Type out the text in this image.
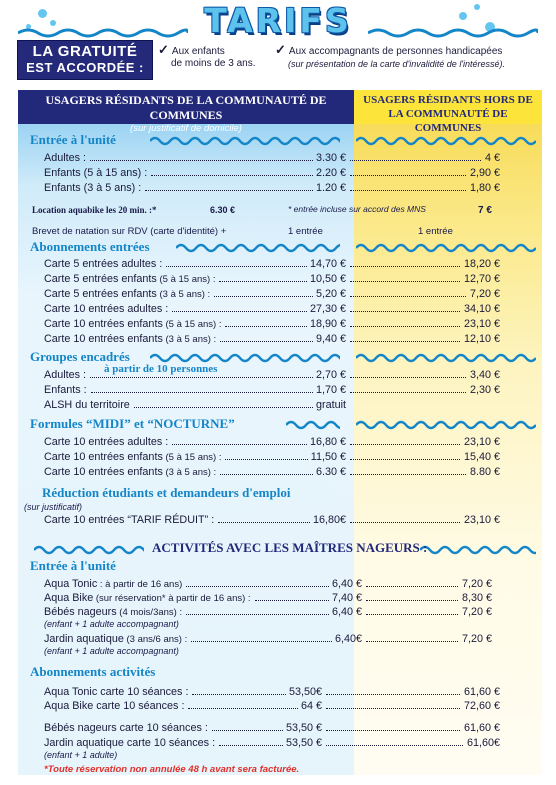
TARIFS
LA GRATUITÉ
EST ACCORDÉE :
✓ Aux enfants
de moins de 3 ans.
✓ Aux accompagnants de personnes handicapées
(sur présentation de la carte d'invalidité de l'intéressé).
USAGERS RÉSIDANTS DE LA COMMUNAUTÉ DE COMMUNES
(sur justificatif de domicile)
USAGERS RÉSIDANTS HORS DE
LA COMMUNAUTÉ DE COMMUNES
Entrée à l'unité
Adultes :	3.30 €	4 €
Enfants (5 à 15 ans) :	2.20 €	2,90 €
Enfants (3 à 5 ans) :	1.20 €	1,80 €
Location aquabike les 20 min. :*	6.30 €	* entrée incluse sur accord des MNS	7 €
Brevet de natation sur RDV (carte d'identité) +	1 entrée	1 entrée
Abonnements entrées
Carte 5 entrées adultes :	14,70 €	18,20 €
Carte 5 entrées enfants (5 à 15 ans) :	10,50 €	12,70 €
Carte 5 entrées enfants (3 à 5 ans) :	5,20 €	7,20 €
Carte 10 entrées adultes :	27,30 €	34,10 €
Carte 10 entrées enfants (5 à 15 ans) :	18,90 €	23,10 €
Carte 10 entrées enfants (3 à 5 ans) :	9,40 €	12,10 €
Groupes encadrés
à partir de 10 personnes
Adultes :	2,70 €	3,40 €
Enfants :	1,70 €	2,30 €
ALSH du territoire	gratuit
Formules “MIDI” et “NOCTURNE”
Carte 10 entrées adultes :	16,80 €	23,10 €
Carte 10 entrées enfants (5 à 15 ans) :	11,50 €	15,40 €
Carte 10 entrées enfants (3 à 5 ans) :	6.30 €	8.80 €
Réduction étudiants et demandeurs d'emploi
(sur justificatif)
Carte 10 entrées “TARIF RÉDUIT” :	16,80€	23,10 €
ACTIVITÉS AVEC LES MAÎTRES NAGEURS :
Entrée à l'unité
Aqua Tonic : à partir de 16 ans)	6,40 €	7,20 €
Aqua Bike (sur réservation* à partir de 16 ans) :	7,40 €	8,30 €
Bébés nageurs (4 mois/3ans) :	6,40 €	7,20 €
(enfant + 1 adulte accompagnant)
Jardin aquatique (3 ans/6 ans) :	6,40€	7,20 €
(enfant + 1 adulte accompagnant)
Abonnements activités
Aqua Tonic carte 10 séances :	53,50€	61,60 €
Aqua Bike carte 10 séances :	64 €	72,60 €
Bébés nageurs carte 10 séances :	53,50 €	61,60 €
Jardin aquatique carte 10 séances :	53,50 €	61,60€
(enfant + 1 adulte)
*Toute réservation non annulée 48 h avant sera facturée.
